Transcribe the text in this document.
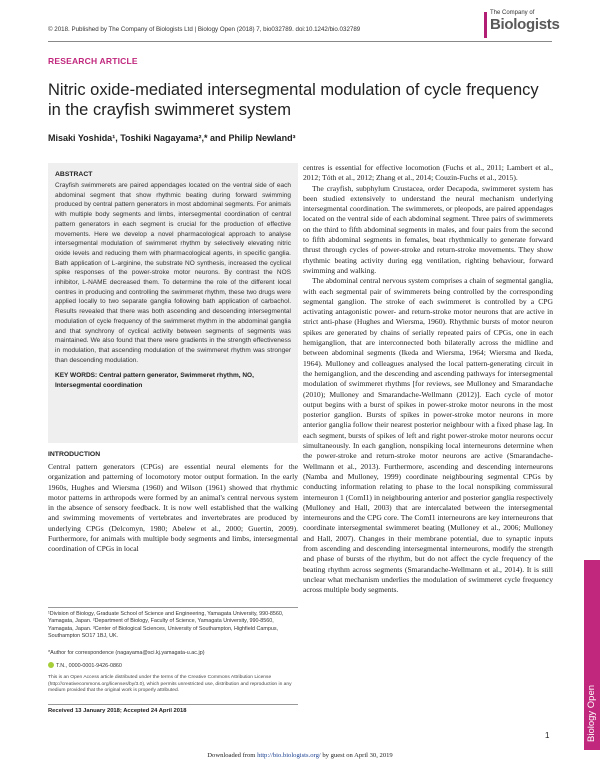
© 2018. Published by The Company of Biologists Ltd | Biology Open (2018) 7, bio032789. doi:10.1242/bio.032789
The Company of
Biologists
RESEARCH ARTICLE
Nitric oxide-mediated intersegmental modulation of cycle frequency in the crayfish swimmeret system
Misaki Yoshida¹, Toshiki Nagayama²,* and Philip Newland³
ABSTRACT
Crayfish swimmerets are paired appendages located on the ventral side of each abdominal segment that show rhythmic beating during forward swimming produced by central pattern generators in most abdominal segments. For animals with multiple body segments and limbs, intersegmental coordination of central pattern generators in each segment is crucial for the production of effective movements. Here we develop a novel pharmacological approach to analyse intersegmental modulation of swimmeret rhythm by selectively elevating nitric oxide levels and reducing them with pharmacological agents, in specific ganglia. Bath application of L-arginine, the substrate NO synthesis, increased the cyclical spike responses of the power-stroke motor neurons. By contrast the NOS inhibitor, L-NAME decreased them. To determine the role of the different local centres in producing and controlling the swimmeret rhythm, these two drugs were applied locally to two separate ganglia following bath application of carbachol. Results revealed that there was both ascending and descending intersegmental modulation of cycle frequency of the swimmeret rhythm in the abdominal ganglia and that synchrony of cyclical activity between segments of segments was maintained. We also found that there were gradients in the strength effectiveness in modulation, that ascending modulation of the swimmeret rhythm was stronger than descending modulation.
KEY WORDS: Central pattern generator, Swimmeret rhythm, NO, Intersegmental coordination
INTRODUCTION
Central pattern generators (CPGs) are essential neural elements for the organization and patterning of locomotory motor output formation. In the early 1960s, Hughes and Wiersma (1960) and Wilson (1961) showed that rhythmic motor patterns in arthropods were formed by an animal's central nervous system in the absence of sensory feedback. It is now well established that the walking and swimming movements of vertebrates and invertebrates are produced by underlying CPGs (Delcomyn, 1980; Abelew et al., 2000; Guertin, 2009). Furthermore, for animals with multiple body segments and limbs, intersegmental coordination of CPGs in local
¹Division of Biology, Graduate School of Science and Engineering, Yamagata University, 990-8560, Yamagata, Japan. ²Department of Biology, Faculty of Science, Yamagata University, 990-8560, Yamagata, Japan. ³Center of Biological Sciences, University of Southampton, Highfield Campus, Southampton SO17 1BJ, UK.
*Author for correspondence (nagayama@sci.kj.yamagata-u.ac.jp)
T.N., 0000-0001-9426-0860
This is an Open Access article distributed under the terms of the Creative Commons Attribution License (http://creativecommons.org/licenses/by/3.0), which permits unrestricted use, distribution and reproduction in any medium provided that the original work is properly attributed.
Received 13 January 2018; Accepted 24 April 2018

centres is essential for effective locomotion (Fuchs et al., 2011; Lambert et al., 2012; Tóth et al., 2012; Zhang et al., 2014; Couzin-Fuchs et al., 2015).

The crayfish, subphylum Crustacea, order Decapoda, swimmeret system has been studied extensively to understand the neural mechanism underlying intersegmental coordination. The swimmerets, or pleopods, are paired appendages located on the ventral side of each abdominal segment. Three pairs of swimmerets on the third to fifth abdominal segments in males, and four pairs from the second to fifth abdominal segments in females, beat rhythmically to generate forward thrust through cycles of power-stroke and return-stroke movements. They show rhythmic beating activity during egg ventilation, righting behaviour, forward swimming and walking.

The abdominal central nervous system comprises a chain of segmental ganglia, with each segmental pair of swimmerets being controlled by the corresponding segmental ganglion. The stroke of each swimmeret is controlled by a CPG activating antagonistic power- and return-stroke motor neurons that are active in strict anti-phase (Hughes and Wiersma, 1960). Rhythmic bursts of motor neuron spikes are generated by chains of serially repeated pairs of CPGs, one in each hemiganglion, that are interconnected both bilaterally across the midline and between abdominal segments (Ikeda and Wiersma, 1964; Wiersma and Ikeda, 1964). Mulloney and colleagues analysed the local pattern-generating circuit in the hemiganglion, and the descending and ascending pathways for intersegmental modulation of swimmeret rhythms [for reviews, see Mulloney and Smarandache (2010); Mulloney and Smarandache-Wellmann (2012)]. Each cycle of motor output begins with a burst of spikes in power-stroke motor neurons in the most posterior ganglion. Bursts of spikes in power-stroke motor neurons in more anterior ganglia follow their nearest posterior neighbour with a fixed phase lag. In each segment, bursts of spikes of left and right power-stroke motor neurons occur simultaneously. In each ganglion, nonspiking local interneurons determine when the power-stroke and return-stroke motor neurons are active (Smarandache-Wellmann et al., 2013). Furthermore, ascending and descending interneurons (Namba and Mulloney, 1999) coordinate neighbouring segmental CPGs by conducting information relating to phase to the local nonspiking commissural interneuron 1 (ComI1) in neighbouring anterior and posterior ganglia respectively (Mulloney and Hall, 2003) that are intercalated between the intersegmental interneurons and the CPG core. The ComI1 interneurons are key interneurons that coordinate intersegmental swimmeret beating (Mulloney et al., 2006; Mulloney and Hall, 2007). Changes in their membrane potential, due to synaptic inputs from ascending and descending intersegmental interneurons, modify the strength and phase of bursts of the rhythm, but do not affect the cycle frequency of the beating rhythm across segments (Smarandache-Wellmann et al., 2014). It is still unclear what mechanism underlies the modulation of swimmeret cycle frequency across multiple body segments.

Biology Open
1
Downloaded from http://bio.biologists.org/ by guest on April 30, 2019
